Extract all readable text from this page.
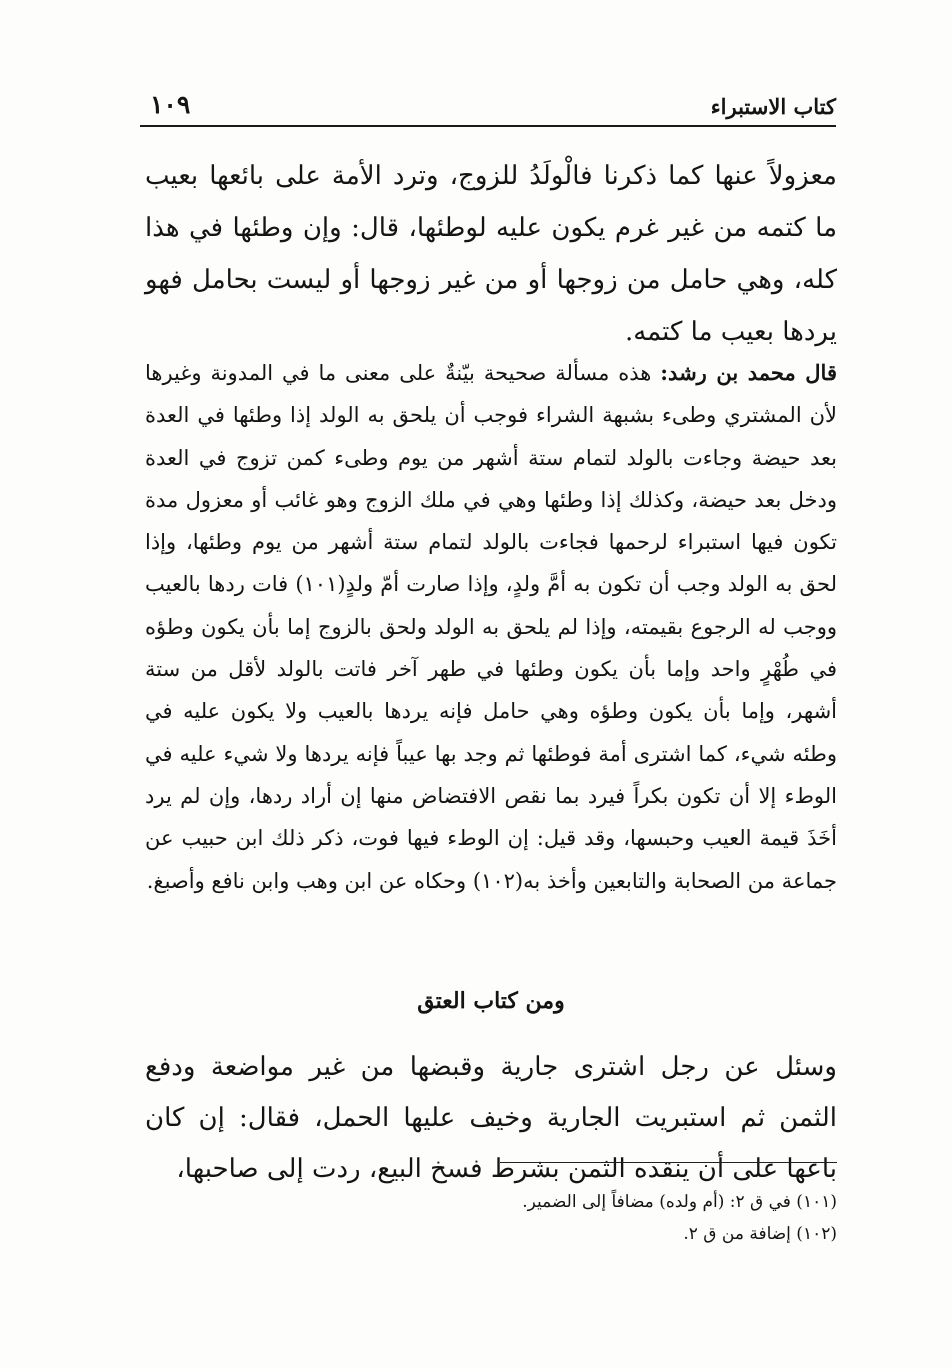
كتاب الاستبراء
١٠٩
معزولاً عنها كما ذكرنا فالْولَدُ للزوج، وترد الأمة على بائعها بعيب ما كتمه من غير غرم يكون عليه لوطئها، قال: وإن وطئها في هذا كله، وهي حامل من زوجها أو من غير زوجها أو ليست بحامل فهو يردها بعيب ما كتمه.
قال محمد بن رشد: هذه مسألة صحيحة بيّنةٌ على معنى ما في المدونة وغيرها لأن المشتري وطىء بشبهة الشراء فوجب أن يلحق به الولد إذا وطئها في العدة بعد حيضة وجاءت بالولد لتمام ستة أشهر من يوم وطىء كمن تزوج في العدة ودخل بعد حيضة، وكذلك إذا وطئها وهي في ملك الزوج وهو غائب أو معزول مدة تكون فيها استبراء لرحمها فجاءت بالولد لتمام ستة أشهر من يوم وطئها، وإذا لحق به الولد وجب أن تكون به أمَّ ولدٍ، وإذا صارت أمّ ولدٍ(١٠١) فات ردها بالعيب ووجب له الرجوع بقيمته، وإذا لم يلحق به الولد ولحق بالزوج إما بأن يكون وطؤه في طُهْرٍ واحد وإما بأن يكون وطئها في طهر آخر فاتت بالولد لأقل من ستة أشهر، وإما بأن يكون وطؤه وهي حامل فإنه يردها بالعيب ولا يكون عليه في وطئه شيء، كما اشترى أمة فوطئها ثم وجد بها عيباً فإنه يردها ولا شيء عليه في الوطء إلا أن تكون بكراً فيرد بما نقص الافتضاض منها إن أراد ردها، وإن لم يرد أخَذَ قيمة العيب وحبسها، وقد قيل: إن الوطء فيها فوت، ذكر ذلك ابن حبيب عن جماعة من الصحابة والتابعين وأخذ به(١٠٢) وحكاه عن ابن وهب وابن نافع وأصبغ.
ومن كتاب العتق
وسئل عن رجل اشترى جارية وقبضها من غير مواضعة ودفع الثمن ثم استبريت الجارية وخيف عليها الحمل، فقال: إن كان باعها على أن ينقده الثمن بشرط فسخ البيع، ردت إلى صاحبها،
(١٠١) في ق ٢: (أم ولده) مضافاً إلى الضمير.
(١٠٢) إضافة من ق ٢.
